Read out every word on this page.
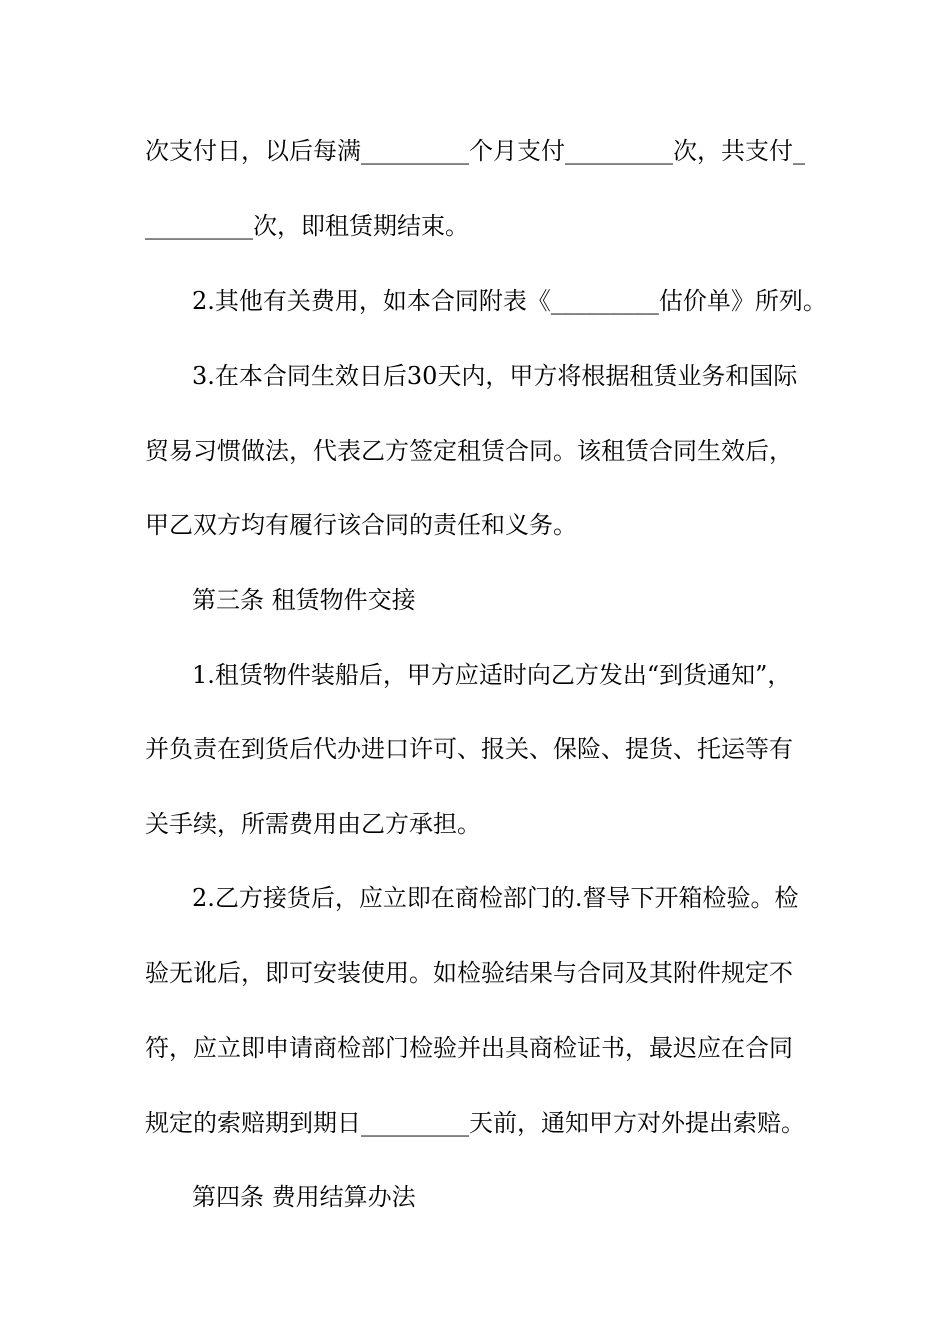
次支付日，以后每满_________个月支付_________次，共支付_

_________次，即租赁期结束。

2.其他有关费用，如本合同附表《_________估价单》所列。

3.在本合同生效日后30天内，甲方将根据租赁业务和国际

贸易习惯做法，代表乙方签定租赁合同。该租赁合同生效后，

甲乙双方均有履行该合同的责任和义务。

第三条 租赁物件交接

1.租赁物件装船后，甲方应适时向乙方发出“到货通知”，

并负责在到货后代办进口许可、报关、保险、提货、托运等有

关手续，所需费用由乙方承担。

2.乙方接货后，应立即在商检部门的.督导下开箱检验。检

验无讹后，即可安装使用。如检验结果与合同及其附件规定不

符，应立即申请商检部门检验并出具商检证书，最迟应在合同

规定的索赔期到期日_________天前，通知甲方对外提出索赔。

第四条 费用结算办法
